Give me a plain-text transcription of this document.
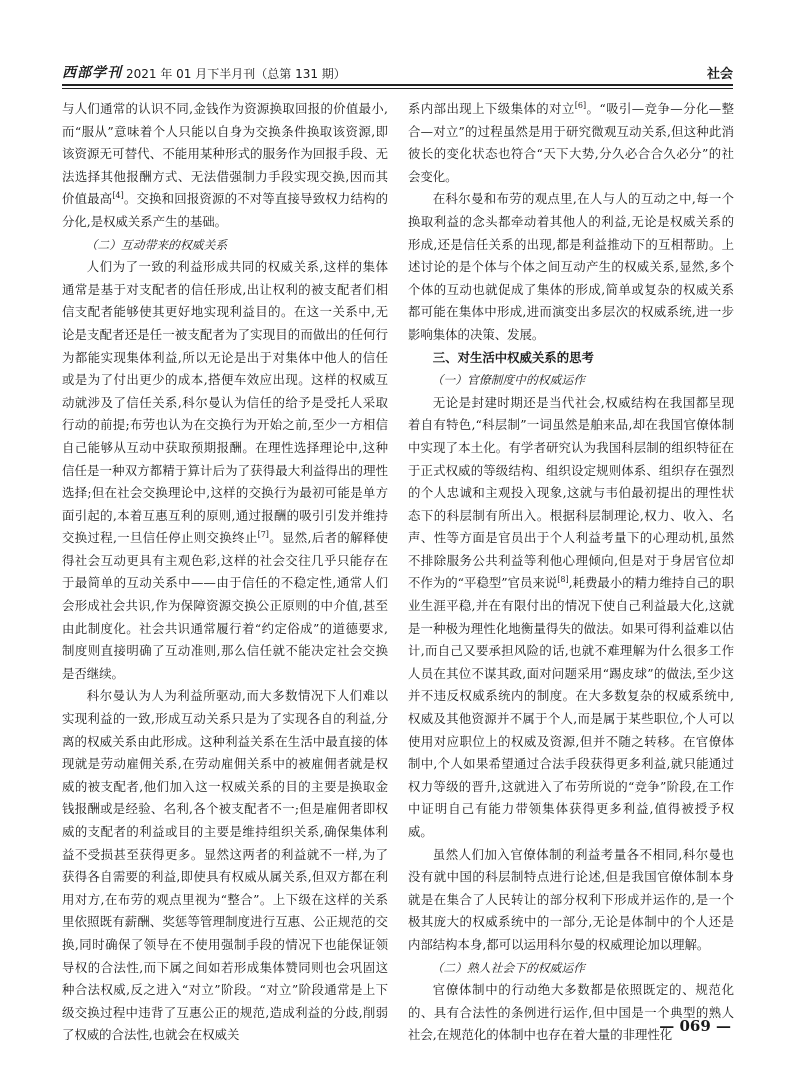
西部学刊 2021 年 01 月下半月刊（总第 131 期）	社会

与人们通常的认识不同,金钱作为资源换取回报的价值最小,而“服从”意味着个人只能以自身为交换条件换取该资源,即该资源无可替代、不能用某种形式的服务作为回报手段、无法选择其他报酬方式、无法借强制力手段实现交换,因而其价值最高[4]。交换和回报资源的不对等直接导致权力结构的分化,是权威关系产生的基础。

（二）互动带来的权威关系

人们为了一致的利益形成共同的权威关系,这样的集体通常是基于对支配者的信任形成,出让权利的被支配者们相信支配者能够使其更好地实现利益目的。在这一关系中,无论是支配者还是任一被支配者为了实现目的而做出的任何行为都能实现集体利益,所以无论是出于对集体中他人的信任或是为了付出更少的成本,搭便车效应出现。这样的权威互动就涉及了信任关系,科尔曼认为信任的给予是受托人采取行动的前提;布劳也认为在交换行为开始之前,至少一方相信自己能够从互动中获取预期报酬。在理性选择理论中,这种信任是一种双方都精于算计后为了获得最大利益得出的理性选择;但在社会交换理论中,这样的交换行为最初可能是单方面引起的,本着互惠互利的原则,通过报酬的吸引引发并维持交换过程,一旦信任停止则交换终止[7]。显然,后者的解释使得社会互动更具有主观色彩,这样的社会交往几乎只能存在于最简单的互动关系中——由于信任的不稳定性,通常人们会形成社会共识,作为保障资源交换公正原则的中介值,甚至由此制度化。社会共识通常履行着“约定俗成”的道德要求,制度则直接明确了互动准则,那么信任就不能决定社会交换是否继续。

科尔曼认为人为利益所驱动,而大多数情况下人们难以实现利益的一致,形成互动关系只是为了实现各自的利益,分离的权威关系由此形成。这种利益关系在生活中最直接的体现就是劳动雇佣关系,在劳动雇佣关系中的被雇佣者就是权威的被支配者,他们加入这一权威关系的目的主要是换取金钱报酬或是经验、名利,各个被支配者不一;但是雇佣者即权威的支配者的利益或目的主要是维持组织关系,确保集体利益不受损甚至获得更多。显然这两者的利益就不一样,为了获得各自需要的利益,即使具有权威从属关系,但双方都在利用对方,在布劳的观点里视为“整合”。上下级在这样的关系里依照既有薪酬、奖惩等管理制度进行互惠、公正规范的交换,同时确保了领导在不使用强制手段的情况下也能保证领导权的合法性,而下属之间如若形成集体赞同则也会巩固这种合法权威,反之进入“对立”阶段。“对立”阶段通常是上下级交换过程中违背了互惠公正的规范,造成利益的分歧,削弱了权威的合法性,也就会在权威关

系内部出现上下级集体的对立[6]。“吸引—竞争—分化—整合—对立”的过程虽然是用于研究微观互动关系,但这种此消彼长的变化状态也符合“天下大势,分久必合合久必分”的社会变化。

在科尔曼和布劳的观点里,在人与人的互动之中,每一个换取利益的念头都牵动着其他人的利益,无论是权威关系的形成,还是信任关系的出现,都是利益推动下的互相帮助。上述讨论的是个体与个体之间互动产生的权威关系,显然,多个个体的互动也就促成了集体的形成,简单或复杂的权威关系都可能在集体中形成,进而演变出多层次的权威系统,进一步影响集体的决策、发展。

三、对生活中权威关系的思考

（一）官僚制度中的权威运作

无论是封建时期还是当代社会,权威结构在我国都呈现着自有特色,“科层制”一词虽然是舶来品,却在我国官僚体制中实现了本土化。有学者研究认为我国科层制的组织特征在于正式权威的等级结构、组织设定规则体系、组织存在强烈的个人忠诚和主观投入现象,这就与韦伯最初提出的理性状态下的科层制有所出入。根据科层制理论,权力、收入、名声、性等方面是官员出于个人利益考量下的心理动机,虽然不排除服务公共利益等利他心理倾向,但是对于身居官位却不作为的“平稳型”官员来说[8],耗费最小的精力维持自己的职业生涯平稳,并在有限付出的情况下使自己利益最大化,这就是一种极为理性化地衡量得失的做法。如果可得利益难以估计,而自己又要承担风险的话,也就不难理解为什么很多工作人员在其位不谋其政,面对问题采用“踢皮球”的做法,至少这并不违反权威系统内的制度。在大多数复杂的权威系统中,权威及其他资源并不属于个人,而是属于某些职位,个人可以使用对应职位上的权威及资源,但并不随之转移。在官僚体制中,个人如果希望通过合法手段获得更多利益,就只能通过权力等级的晋升,这就进入了布劳所说的“竞争”阶段,在工作中证明自己有能力带领集体获得更多利益,值得被授予权威。

虽然人们加入官僚体制的利益考量各不相同,科尔曼也没有就中国的科层制特点进行论述,但是我国官僚体制本身就是在集合了人民转让的部分权利下形成并运作的,是一个极其庞大的权威系统中的一部分,无论是体制中的个人还是内部结构本身,都可以运用科尔曼的权威理论加以理解。

（二）熟人社会下的权威运作

官僚体制中的行动绝大多数都是依照既定的、规范化的、具有合法性的条例进行运作,但中国是一个典型的熟人社会,在规范化的体制中也存在着大量的非理性化

— 069 —
